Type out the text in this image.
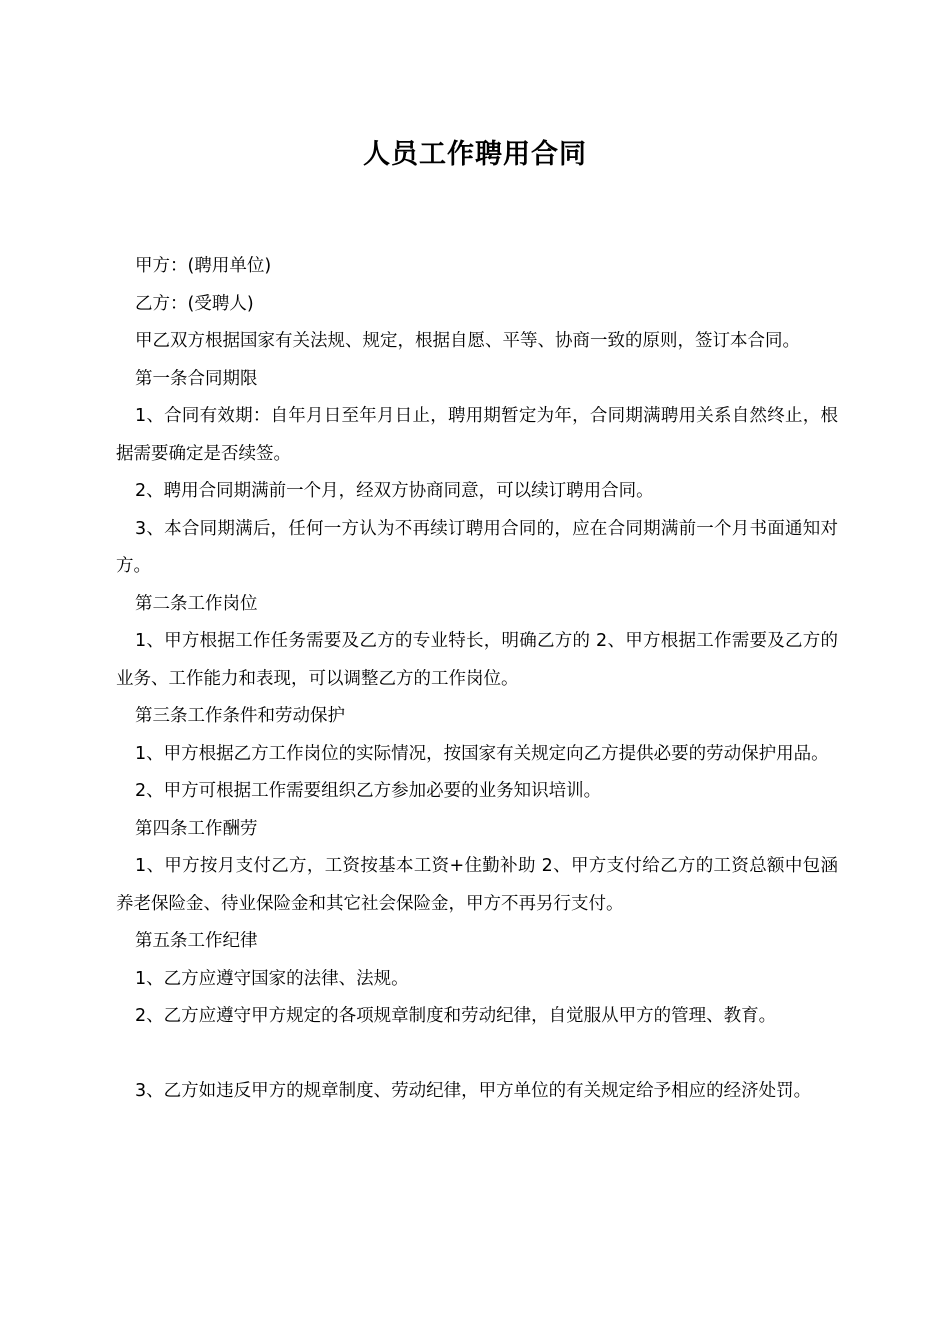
人员工作聘用合同

甲方：(聘用单位)

乙方：(受聘人)

甲乙双方根据国家有关法规、规定，根据自愿、平等、协商一致的原则，签订本合同。

第一条合同期限

1、合同有效期：自年月日至年月日止，聘用期暂定为年，合同期满聘用关系自然终止，根据需要确定是否续签。

2、聘用合同期满前一个月，经双方协商同意，可以续订聘用合同。

3、本合同期满后，任何一方认为不再续订聘用合同的，应在合同期满前一个月书面通知对方。

第二条工作岗位

1、甲方根据工作任务需要及乙方的专业特长，明确乙方的 2、甲方根据工作需要及乙方的业务、工作能力和表现，可以调整乙方的工作岗位。

第三条工作条件和劳动保护

1、甲方根据乙方工作岗位的实际情况，按国家有关规定向乙方提供必要的劳动保护用品。

2、甲方可根据工作需要组织乙方参加必要的业务知识培训。

第四条工作酬劳

1、甲方按月支付乙方，工资按基本工资+住勤补助 2、甲方支付给乙方的工资总额中包涵养老保险金、待业保险金和其它社会保险金，甲方不再另行支付。

第五条工作纪律

1、乙方应遵守国家的法律、法规。

2、乙方应遵守甲方规定的各项规章制度和劳动纪律，自觉服从甲方的管理、教育。

3、乙方如违反甲方的规章制度、劳动纪律，甲方单位的有关规定给予相应的经济处罚。
